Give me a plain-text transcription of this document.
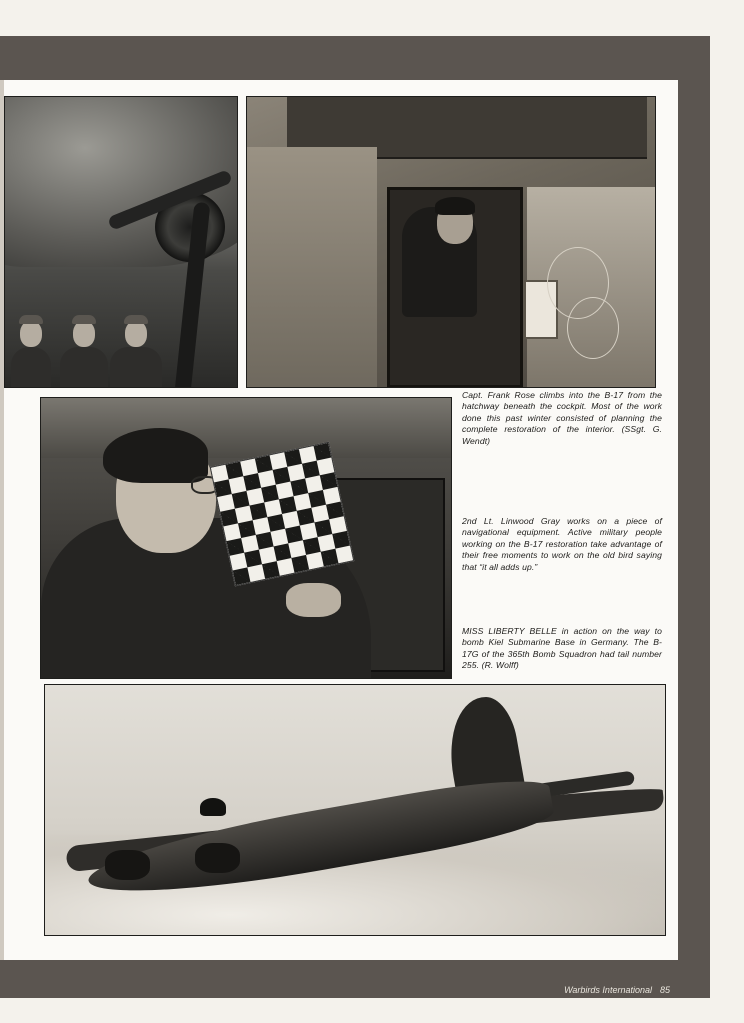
Capt. Frank Rose climbs into the B-17 from the hatchway beneath the cockpit. Most of the work done this past winter consisted of planning the complete restoration of the interior. (SSgt. G. Wendt)
2nd Lt. Linwood Gray works on a piece of navigational equipment. Active military people working on the B-17 restoration take advantage of their free moments to work on the old bird saying that “it all adds up.”
MISS LIBERTY BELLE in action on the way to bomb Kiel Submarine Base in Germany. The B-17G of the 365th Bomb Squadron had tail number 255. (R. Wolff)
Warbirds International 85
